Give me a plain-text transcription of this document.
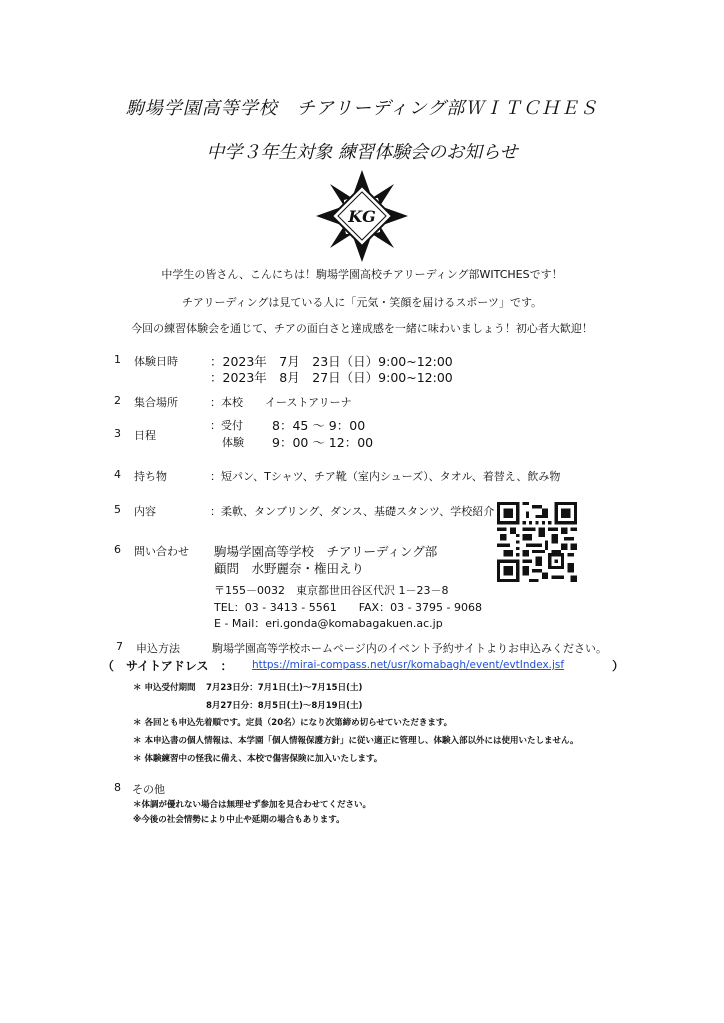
駒場学園高等学校　チアリーディング部ＷＩＴＣＨＥＳ
中学３年生対象 練習体験会のお知らせ
KG
中学生の皆さん、こんにちは！駒場学園高校チアリーディング部WITCHESです！
チアリーディングは見ている人に「元気・笑顔を届けるスポーツ」です。
今回の練習体験会を通じて、チアの面白さと達成感を一緒に味わいましょう！初心者大歓迎！
1 体験日時	：2023年　7月　23日（日）9:00~12:00
：2023年　8月　27日（日）9:00~12:00
2 集合場所	：本校　　イーストアリーナ
3 日程
：受付 8：45 ～ 9：00
体験 9：00 ～ 12：00
4 持ち物	：短パン、Tシャツ、チア靴（室内シューズ）、タオル、着替え、飲み物
5 内容	：柔軟、タンブリング、ダンス、基礎スタンツ、学校紹介
6 問い合わせ 駒場学園高等学校　チアリーディング部
顧問　水野麗奈・権田えり
〒155－0032　東京都世田谷区代沢 1－23－8
TEL：03 - 3413 - 5561　　FAX：03 - 3795 - 9068
E - Mail：eri.gonda@komabagakuen.ac.jp
7 申込方法	駒場学園高等学校ホームページ内のイベント予約サイトよりお申込みください。
（　サイトアドレス　： https://mirai-compass.net/usr/komabagh/event/evtIndex.jsf	）
＊ 申込受付期間 7月23日分：7月1日(土)～7月15日(土)
8月27日分：8月5日(土)～8月19日(土)
＊ 各回とも申込先着順です。定員（20名）になり次第締め切らせていただきます。
＊ 本申込書の個人情報は、本学園「個人情報保護方針」に従い適正に管理し、体験入部以外には使用いたしません。
＊ 体験練習中の怪我に備え、本校で傷害保険に加入いたします。
8 その他
＊体調が優れない場合は無理せず参加を見合わせてください。
※今後の社会情勢により中止や延期の場合もあります。
